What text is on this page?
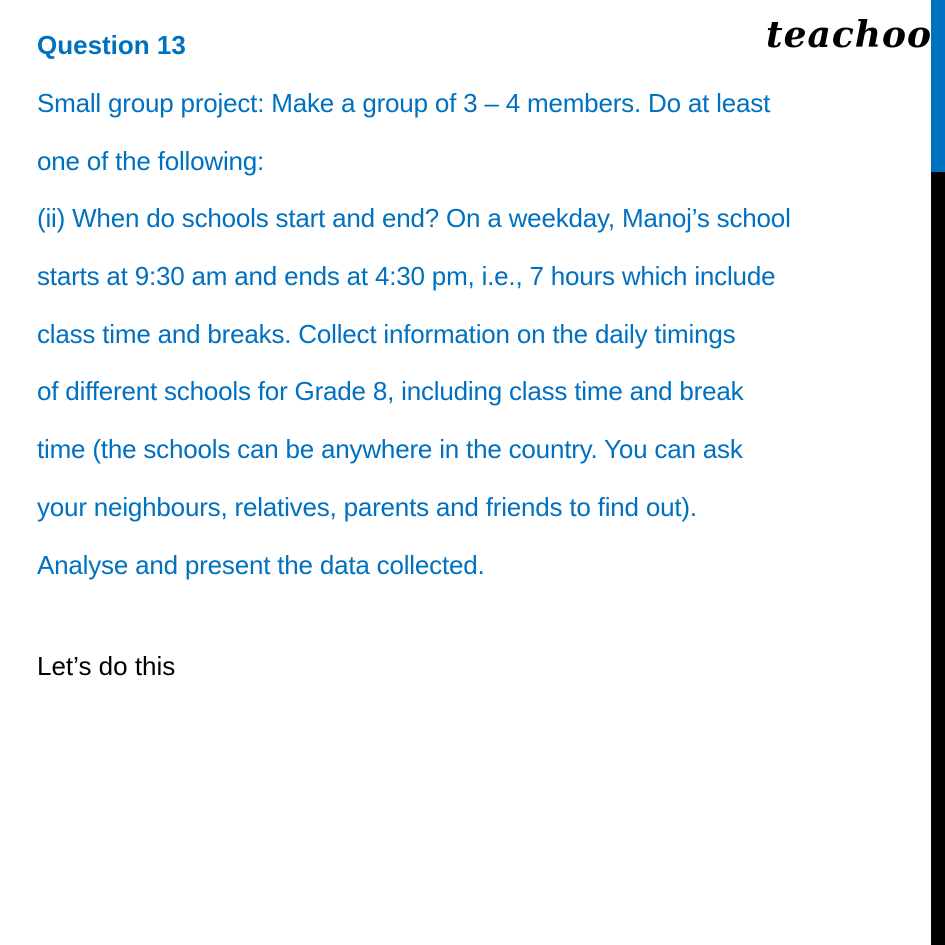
teachoo
Question 13
Small group project: Make a group of 3 – 4 members. Do at least
one of the following:
(ii) When do schools start and end? On a weekday, Manoj’s school
starts at 9:30 am and ends at 4:30 pm, i.e., 7 hours which include
class time and breaks. Collect information on the daily timings
of different schools for Grade 8, including class time and break
time (the schools can be anywhere in the country. You can ask
your neighbours, relatives, parents and friends to find out).
Analyse and present the data collected.
Let’s do this
